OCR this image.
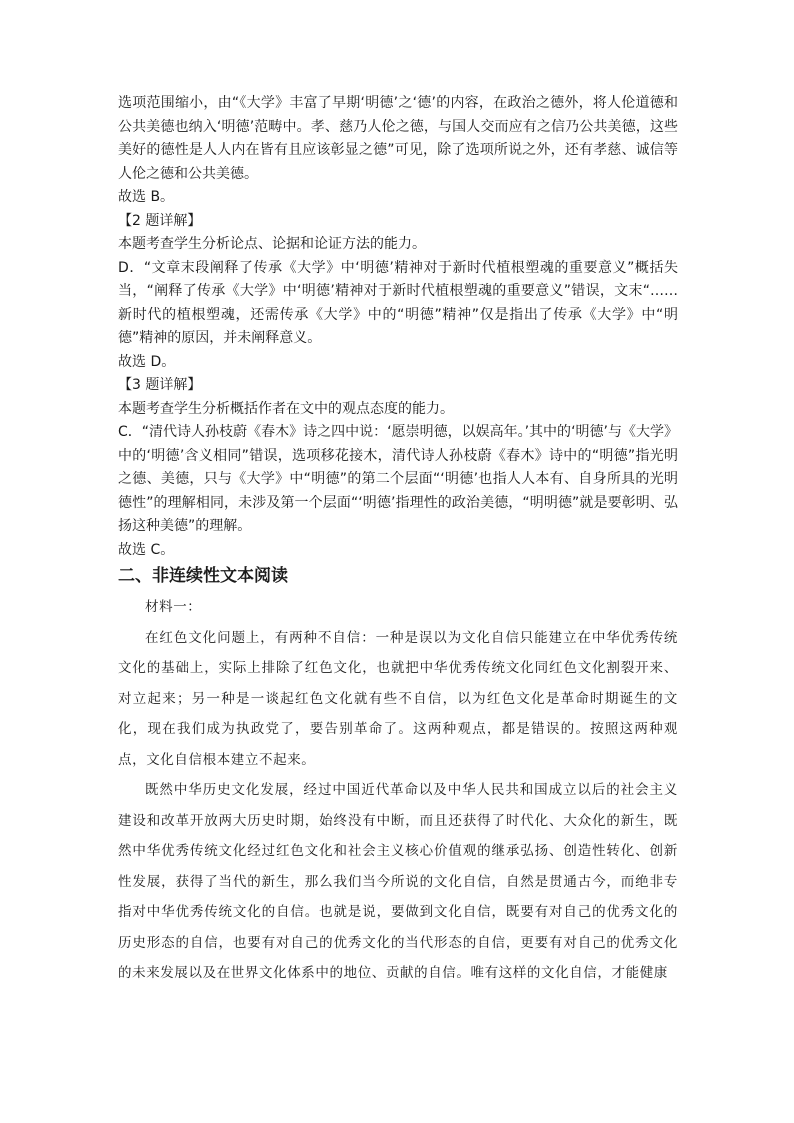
选项范围缩小，由“《大学》丰富了早期‘明德’之‘德’的内容，在政治之德外，将人伦道德和公共美德也纳入‘明德’范畴中。孝、慈乃人伦之德，与国人交而应有之信乃公共美德，这些美好的德性是人人内在皆有且应该彰显之德”可见，除了选项所说之外，还有孝慈、诚信等人伦之德和公共美德。

故选 B。

【2 题详解】

本题考查学生分析论点、论据和论证方法的能力。

D．“文章末段阐释了传承《大学》中‘明德’精神对于新时代植根塑魂的重要意义”概括失当，“阐释了传承《大学》中‘明德’精神对于新时代植根塑魂的重要意义”错误，文末“……新时代的植根塑魂，还需传承《大学》中的“明德”精神”仅是指出了传承《大学》中“明德”精神的原因，并未阐释意义。

故选 D。

【3 题详解】

本题考查学生分析概括作者在文中的观点态度的能力。

C．“清代诗人孙枝蔚《春木》诗之四中说：‘愿崇明德，以娱高年。’其中的‘明德’与《大学》中的‘明德’含义相同”错误，选项移花接木，清代诗人孙枝蔚《春木》诗中的“明德”指光明之德、美德，只与《大学》中“明德”的第二个层面“‘明德’也指人人本有、自身所具的光明德性”的理解相同，未涉及第一个层面“‘明德’指理性的政治美德，“明明德”就是要彰明、弘扬这种美德”的理解。

故选 C。

二、非连续性文本阅读

材料一：

在红色文化问题上，有两种不自信：一种是误以为文化自信只能建立在中华优秀传统文化的基础上，实际上排除了红色文化，也就把中华优秀传统文化同红色文化割裂开来、对立起来；另一种是一谈起红色文化就有些不自信，以为红色文化是革命时期诞生的文化，现在我们成为执政党了，要告别革命了。这两种观点，都是错误的。按照这两种观点，文化自信根本建立不起来。

既然中华历史文化发展，经过中国近代革命以及中华人民共和国成立以后的社会主义建设和改革开放两大历史时期，始终没有中断，而且还获得了时代化、大众化的新生，既然中华优秀传统文化经过红色文化和社会主义核心价值观的继承弘扬、创造性转化、创新性发展，获得了当代的新生，那么我们当今所说的文化自信，自然是贯通古今，而绝非专指对中华优秀传统文化的自信。也就是说，要做到文化自信，既要有对自己的优秀文化的历史形态的自信，也要有对自己的优秀文化的当代形态的自信，更要有对自己的优秀文化的未来发展以及在世界文化体系中的地位、贡献的自信。唯有这样的文化自信，才能健康
